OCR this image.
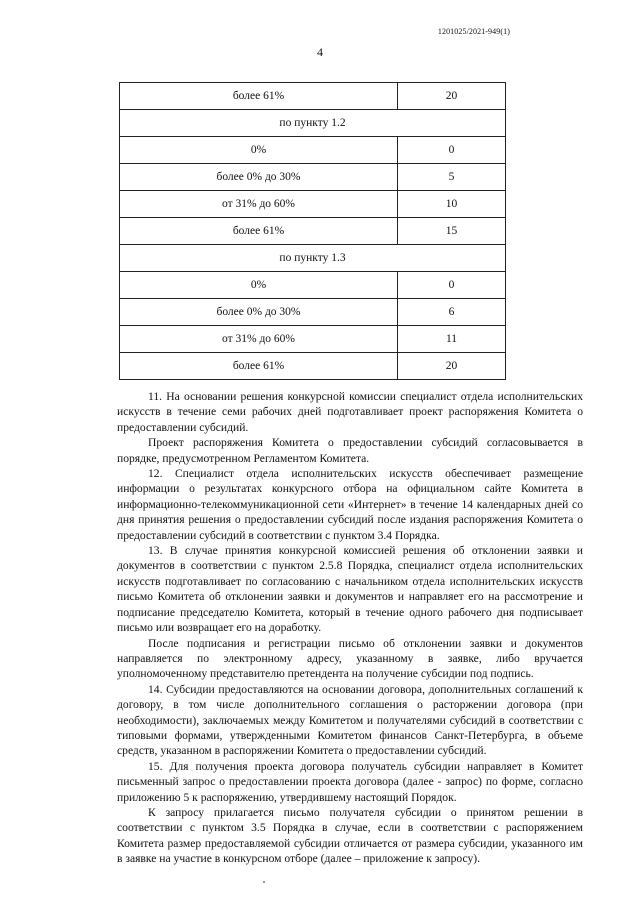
1201025/2021-949(1)
4
более 61%	20
по пункту 1.2	
0%	0
более 0% до 30%	5
от 31% до 60%	10
более 61%	15
по пункту 1.3	
0%	0
более 0% до 30%	6
от 31% до 60%	11
более 61%	20

11. На основании решения конкурсной комиссии специалист отдела исполнительских искусств в течение семи рабочих дней подготавливает проект распоряжения Комитета о предоставлении субсидий.

Проект распоряжения Комитета о предоставлении субсидий согласовывается в порядке, предусмотренном Регламентом Комитета.

12. Специалист отдела исполнительских искусств обеспечивает размещение информации о результатах конкурсного отбора на официальном сайте Комитета в информационно-телекоммуникационной сети «Интернет» в течение 14 календарных дней со дня принятия решения о предоставлении субсидий после издания распоряжения Комитета о предоставлении субсидий в соответствии с пунктом 3.4 Порядка.

13. В случае принятия конкурсной комиссией решения об отклонении заявки и документов в соответствии с пунктом 2.5.8 Порядка, специалист отдела исполнительских искусств подготавливает по согласованию с начальником отдела исполнительских искусств письмо Комитета об отклонении заявки и документов и направляет его на рассмотрение и подписание председателю Комитета, который в течение одного рабочего дня подписывает письмо или возвращает его на доработку.

После подписания и регистрации письмо об отклонении заявки и документов направляется по электронному адресу, указанному в заявке, либо вручается уполномоченному представителю претендента на получение субсидии под подпись.

14. Субсидии предоставляются на основании договора, дополнительных соглашений к договору, в том числе дополнительного соглашения о расторжении договора (при необходимости), заключаемых между Комитетом и получателями субсидий в соответствии с типовыми формами, утвержденными Комитетом финансов Санкт-Петербурга, в объеме средств, указанном в распоряжении Комитета о предоставлении субсидий.

15. Для получения проекта договора получатель субсидии направляет в Комитет письменный запрос о предоставлении проекта договора (далее - запрос) по форме, согласно приложению 5 к распоряжению, утвердившему настоящий Порядок.

К запросу прилагается письмо получателя субсидии о принятом решении в соответствии с пунктом 3.5 Порядка в случае, если в соответствии с распоряжением Комитета размер предоставляемой субсидии отличается от размера субсидии, указанного им в заявке на участие в конкурсном отборе (далее – приложение к запросу).
